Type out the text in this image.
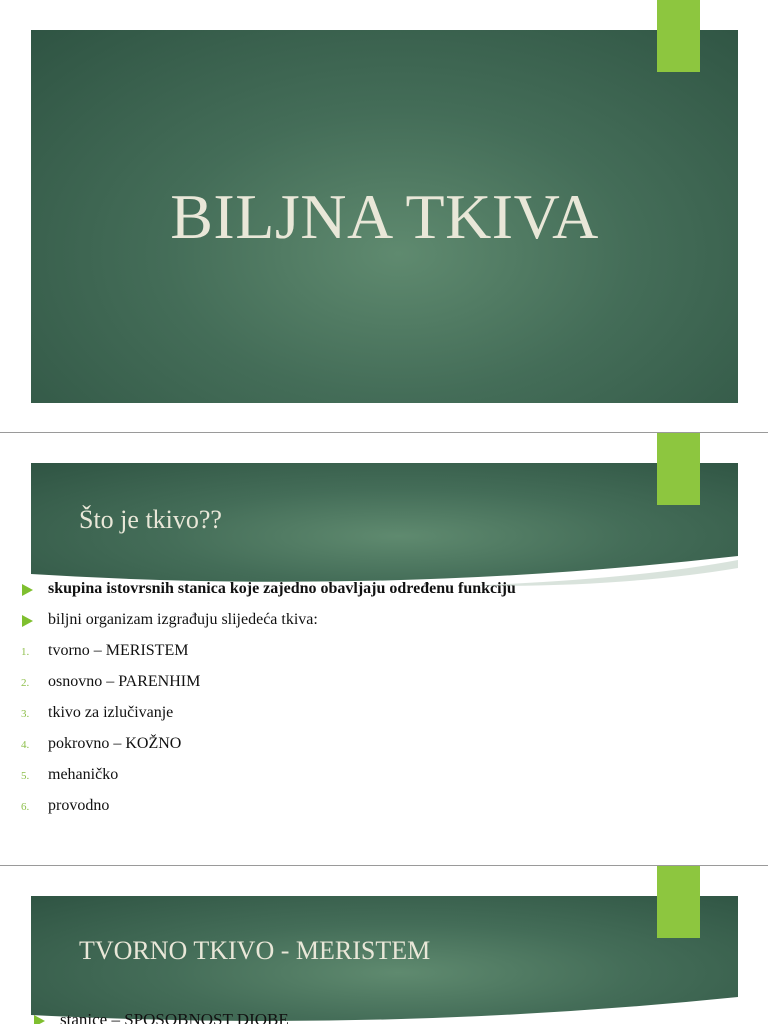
BILJNA TKIVA
Što je tkivo??
skupina istovrsnih stanica koje zajedno obavljaju određenu funkciju
biljni organizam izgrađuju slijedeća tkiva:
1. tvorno – MERISTEM
2. osnovno – PARENHIM
3. tkivo za izlučivanje
4. pokrovno – KOŽNO
5. mehaničko
6. provodno
TVORNO TKIVO - MERISTEM
stanice – SPOSOBNOST DIOBE
